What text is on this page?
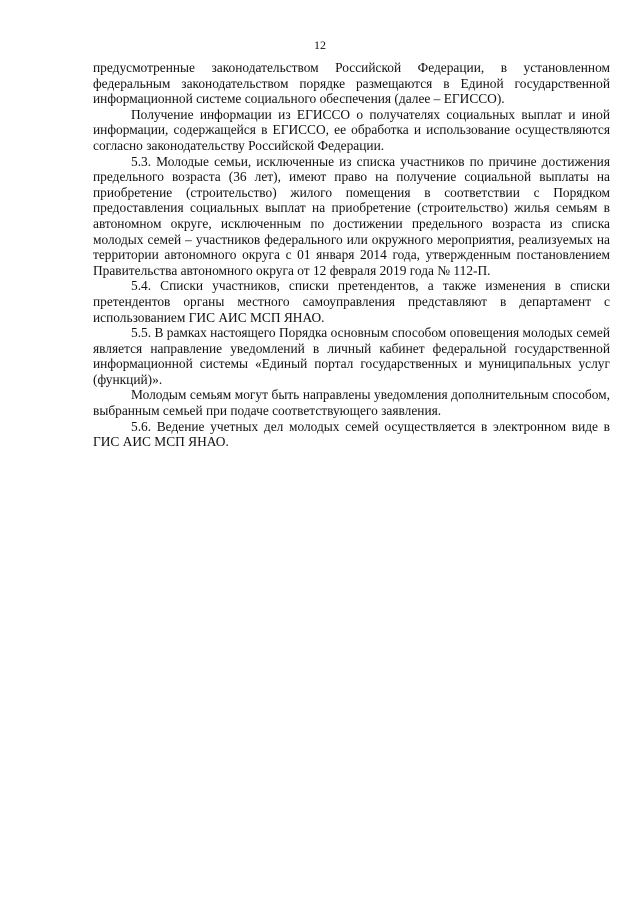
12

предусмотренные законодательством Российской Федерации, в установленном федеральным законодательством порядке размещаются в Единой государственной информационной системе социального обеспечения (далее – ЕГИССО).

Получение информации из ЕГИССО о получателях социальных выплат и иной информации, содержащейся в ЕГИССО, ее обработка и использование осуществляются согласно законодательству Российской Федерации.

5.3. Молодые семьи, исключенные из списка участников по причине достижения предельного возраста (36 лет), имеют право на получение социальной выплаты на приобретение (строительство) жилого помещения в соответствии с Порядком предоставления социальных выплат на приобретение (строительство) жилья семьям в автономном округе, исключенным по достижении предельного возраста из списка молодых семей – участников федерального или окружного мероприятия, реализуемых на территории автономного округа с 01 января 2014 года, утвержденным постановлением Правительства автономного округа от 12 февраля 2019 года № 112-П.

5.4. Списки участников, списки претендентов, а также изменения в списки претендентов органы местного самоуправления представляют в департамент с использованием ГИС АИС МСП ЯНАО.

5.5. В рамках настоящего Порядка основным способом оповещения молодых семей является направление уведомлений в личный кабинет федеральной государственной информационной системы «Единый портал государственных и муниципальных услуг (функций)».

Молодым семьям могут быть направлены уведомления дополнительным способом, выбранным семьей при подаче соответствующего заявления.

5.6. Ведение учетных дел молодых семей осуществляется в электронном виде в ГИС АИС МСП ЯНАО.
